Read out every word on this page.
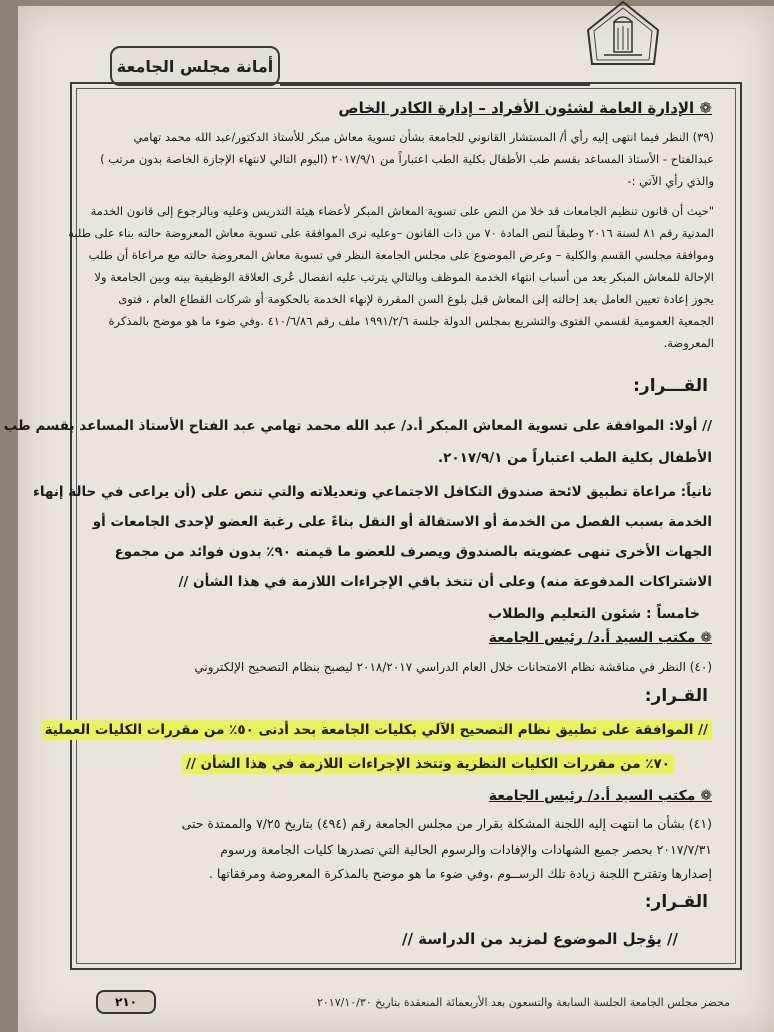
أمانة مجلس الجامعة
❁ الإدارة العامة لشئون الأفراد – إدارة الكادر الخاص
(٣٩) النظر فيما انتهى إليه رأي أ/ المستشار القانوني للجامعة بشأن تسوية معاش مبكر للأستاذ الدكتور/عبد الله محمد تهامي
عبدالفتاح - الأستاذ المساعد بقسم طب الأطفال بكلية الطب اعتباراً من ٢٠١٧/٩/١ (اليوم التالي لانتهاء الإجازة الخاصة بدون مرتب )
والذي رأي الآتي :-
"حيث أن قانون تنظيم الجامعات قد خلا من النص على تسوية المعاش المبكر لأعضاء هيئة التدريس وعليه وبالرجوع إلى قانون الخدمة
المدنية رقم ٨١ لسنة ٢٠١٦ وطبقاً لنص المادة ٧٠ من ذات القانون –وعليه نرى الموافقة على تسوية معاش المعروضة حالته بناء على طلبه
وموافقة مجلسي القسم والكلية – وعرض الموضوع على مجلس الجامعة النظر في تسوية معاش المعروضة حالته مع مراعاة أن طلب
الإحالة للمعاش المبكر يعد من أسباب انتهاء الخدمة الموظف وبالتالي يترتب عليه انفصال عُرى العلاقة الوظيفية بينه وبين الجامعة ولا
يجوز إعادة تعيين العامل بعد إحالته إلى المعاش قبل بلوغ السن المقررة لإنهاء الخدمة بالحكومة أو شركات القطاع العام ، فتوى
الجمعية العمومية لقسمي الفتوى والتشريع بمجلس الدولة جلسة ١٩٩١/٢/٦ ملف رقم ٤١٠/٦/٨٦ .وفي ضوء ما هو موضح بالمذكرة
المعروضة.
القـــرار:
// أولا: الموافقة على تسوية المعاش المبكر أ.د/ عبد الله محمد تهامي عبد الفتاح الأستاذ المساعد بقسم طب
الأطفال بكلية الطب اعتباراً من ٢٠١٧/٩/١.
ثانياً: مراعاة تطبيق لائحة صندوق التكافل الاجتماعي وتعديلاته والتي تنص على (أن يراعى في حالة إنهاء
الخدمة بسبب الفصل من الخدمة أو الاستقالة أو النقل بناءً على رغبة العضو لإحدى الجامعات أو
الجهات الأخرى تنهى عضويته بالصندوق ويصرف للعضو ما قيمته ٩٠٪ بدون فوائد من مجموع
الاشتراكات المدفوعة منه) وعلى أن تتخذ باقي الإجراءات اللازمة في هذا الشأن //
خامساً : شئون التعليم والطلاب
❁ مكتب السيد أ.د/ رئيس الجامعة
(٤٠) النظر في مناقشة نظام الامتحانات خلال العام الدراسي ٢٠١٨/٢٠١٧ ليصبح بنظام التصحيح الإلكتروني
القـرار:
// الموافقة على تطبيق نظام التصحيح الآلي بكليات الجامعة بحد أدنى ٥٠٪ من مقررات الكليات العملية
٧٠٪ من مقررات الكليات النظرية وتتخذ الإجراءات اللازمة في هذا الشأن //
❁ مكتب السيد أ.د/ رئيس الجامعة
(٤١) بشأن ما انتهت إليه اللجنة المشكلة بقرار من مجلس الجامعة رقم (٤٩٤) بتاريخ ٧/٢٥ والممتدة حتى
٢٠١٧/٧/٣١ بحصر جميع الشهادات والإفادات والرسوم الحالية التي تصدرها كليات الجامعة ورسوم
إصدارها وتقترح اللجنة زيادة تلك الرســوم ،وفي ضوء ما هو موضح بالمذكرة المعروضة ومرفقاتها .
القـرار:
// يؤجل الموضوع لمزيد من الدراسة //
٢١٠	محضر مجلس الجامعة الجلسة السابعة والتسعون بعد الأربعمائة المنعقدة بتاريخ ٢٠١٧/١٠/٣٠
